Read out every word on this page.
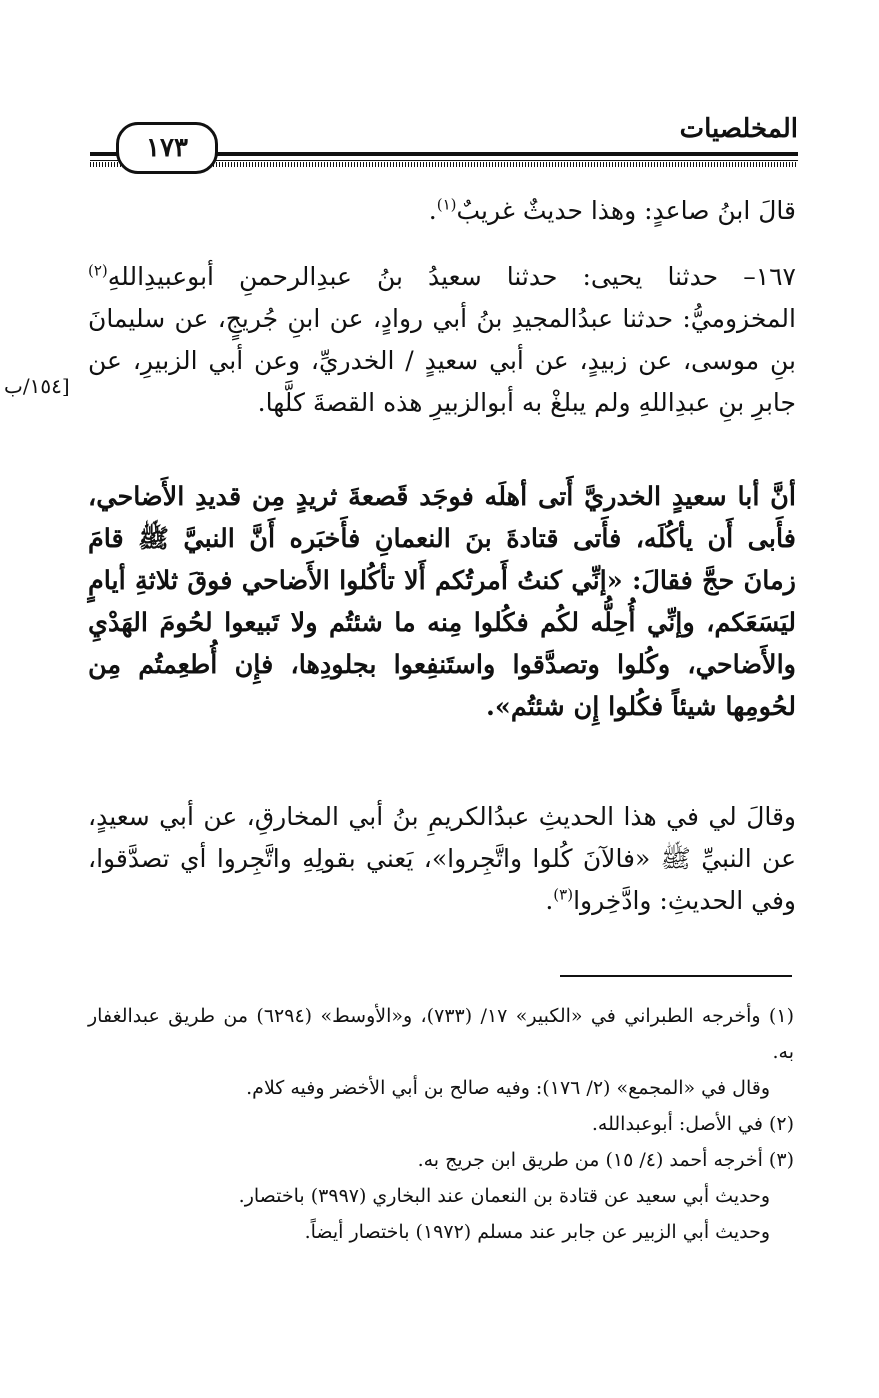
المخلصيات
١٧٣

قالَ ابنُ صاعدٍ: وهذا حديثٌ غريبٌ$^{(١)}$.

١٦٧– حدثنا يحيى: حدثنا سعيدُ بنُ عبدِالرحمنِ أبوعبيدِاللهِ$^{(٢)}$ المخزوميُّ: حدثنا عبدُالمجيدِ بنُ أبي روادٍ، عن ابنِ جُريجٍ، عن سليمانَ بنِ موسى، عن زبيدٍ، عن أبي سعيدٍ / الخدريِّ، وعن أبي الزبيرِ، عن جابرِ بنِ عبدِاللهِ ولم يبلغْ به أبوالزبيرِ هذه القصةَ كلَّها.

أنَّ أبا سعيدٍ الخدريَّ أَتى أهلَه فوجَد قَصعةَ ثريدٍ مِن قديدِ الأَضاحي، فأَبى أَن يأكُلَه، فأَتى قتادةَ بنَ النعمانِ فأَخبَره أَنَّ النبيَّ ﷺ قامَ زمانَ حجَّ فقالَ: «إنِّي كنتُ أَمرتُكم أَلا تأكُلوا الأَضاحي فوقَ ثلاثةِ أيامٍ ليَسَعَكم، وإنِّي أُحِلُّه لكُم فكُلوا مِنه ما شئتُم ولا تَبيعوا لحُومَ الهَدْيِ والأَضاحي، وكُلوا وتصدَّقوا واستَنفِعوا بجلودِها، فإِن أُطعِمتُم مِن لحُومِها شيئاً فكُلوا إِن شئتُم».

وقالَ لي في هذا الحديثِ عبدُالكريمِ بنُ أبي المخارقِ، عن أبي سعيدٍ، عن النبيِّ ﷺ «فالآنَ كُلوا واتَّجِروا»، يَعني بقولِهِ واتَّجِروا أي تصدَّقوا، وفي الحديثِ: وادَّخِروا$^{(٣)}$.

[١٥٤/ب

(١) وأخرجه الطبراني في «الكبير» ١٧/ (٧٣٣)، و«الأوسط» (٦٢٩٤) من طريق عبدالغفار به.

وقال في «المجمع» (٢/ ١٧٦): وفيه صالح بن أبي الأخضر وفيه كلام.

(٢) في الأصل: أبوعبدالله.

(٣) أخرجه أحمد (٤/ ١٥) من طريق ابن جريج به.

وحديث أبي سعيد عن قتادة بن النعمان عند البخاري (٣٩٩٧) باختصار.

وحديث أبي الزبير عن جابر عند مسلم (١٩٧٢) باختصار أيضاً.
